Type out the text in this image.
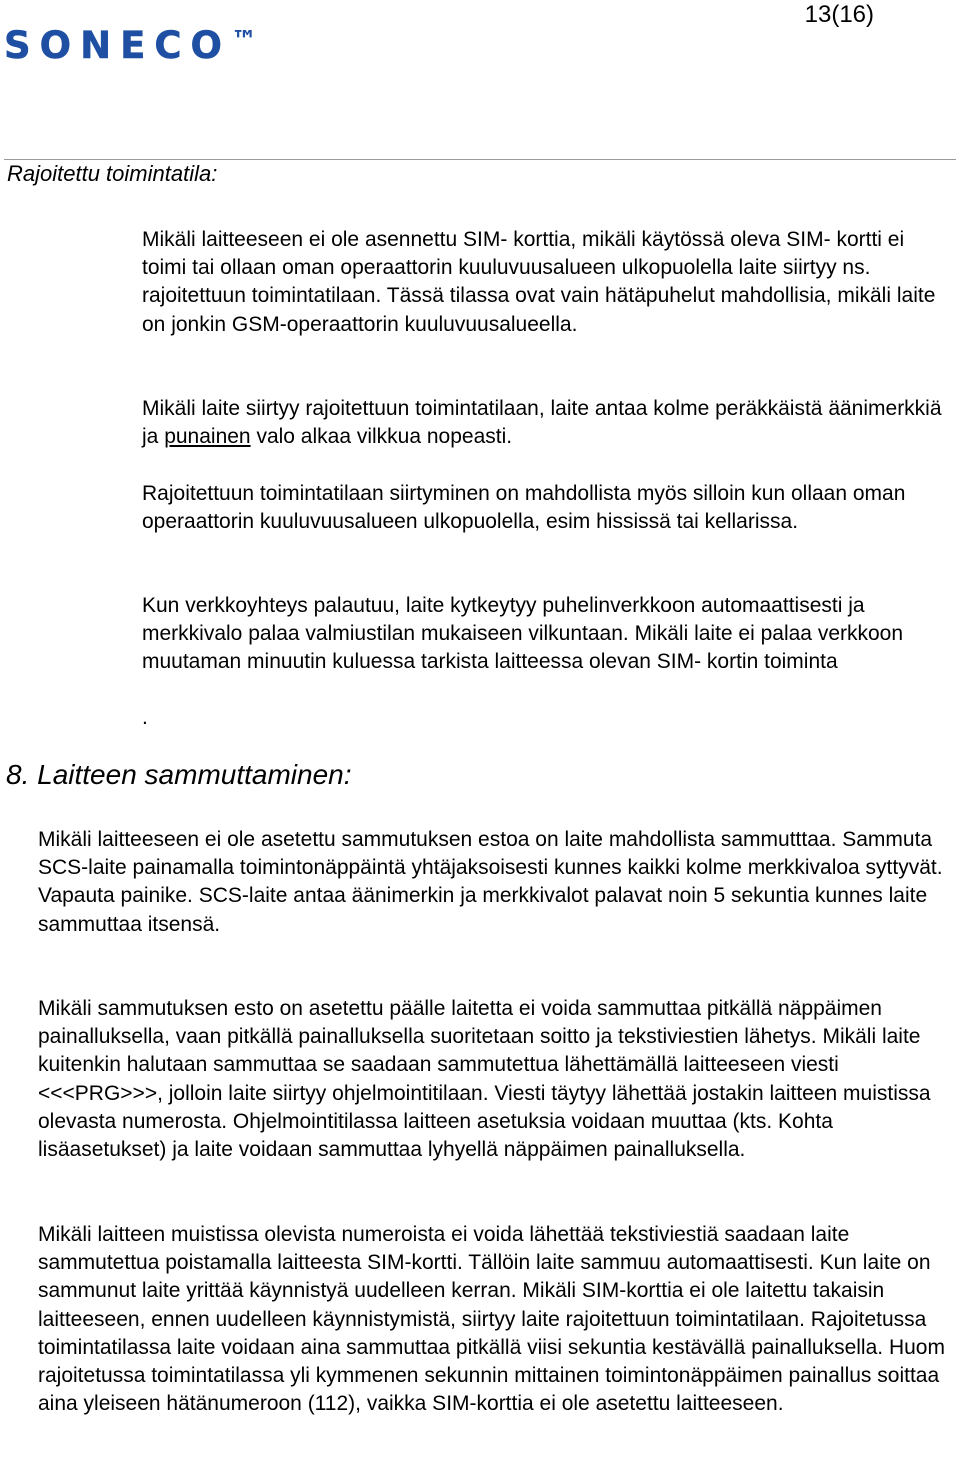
SONECO™
13(16)
Rajoitettu toimintatila:

Mikäli laitteeseen ei ole asennettu SIM- korttia, mikäli käytössä oleva SIM- kortti ei toimi tai ollaan oman operaattorin kuuluvuusalueen ulkopuolella laite siirtyy ns. rajoitettuun toimintatilaan. Tässä tilassa ovat vain hätäpuhelut mahdollisia, mikäli laite on jonkin GSM-operaattorin kuuluvuusalueella.

Mikäli laite siirtyy rajoitettuun toimintatilaan, laite antaa kolme peräkkäistä äänimerkkiä ja punainen valo alkaa vilkkua nopeasti.

Rajoitettuun toimintatilaan siirtyminen on mahdollista myös silloin kun ollaan oman operaattorin kuuluvuusalueen ulkopuolella, esim hississä tai kellarissa.

Kun verkkoyhteys palautuu, laite kytkeytyy puhelinverkkoon automaattisesti ja merkkivalo palaa valmiustilan mukaiseen vilkuntaan. Mikäli laite ei palaa verkkoon muutaman minuutin kuluessa tarkista laitteessa olevan SIM- kortin toiminta

.

8. Laitteen sammuttaminen:

Mikäli laitteeseen ei ole asetettu sammutuksen estoa on laite mahdollista sammutttaa. Sammuta SCS-laite painamalla toimintonäppäintä yhtäjaksoisesti kunnes kaikki kolme merkkivaloa syttyvät. Vapauta painike. SCS-laite antaa äänimerkin ja merkkivalot palavat noin 5 sekuntia kunnes laite sammuttaa itsensä.

Mikäli sammutuksen esto on asetettu päälle laitetta ei voida sammuttaa pitkällä näppäimen painalluksella, vaan pitkällä painalluksella suoritetaan soitto ja tekstiviestien lähetys. Mikäli laite kuitenkin halutaan sammuttaa se saadaan sammutettua lähettämällä laitteeseen viesti <<<PRG>>>, jolloin laite siirtyy ohjelmointitilaan. Viesti täytyy lähettää jostakin laitteen muistissa olevasta numerosta. Ohjelmointitilassa laitteen asetuksia voidaan muuttaa (kts. Kohta lisäasetukset) ja laite voidaan sammuttaa lyhyellä näppäimen painalluksella.

Mikäli laitteen muistissa olevista numeroista ei voida lähettää tekstiviestiä saadaan laite sammutettua poistamalla laitteesta SIM-kortti. Tällöin laite sammuu automaattisesti. Kun laite on sammunut laite yrittää käynnistyä uudelleen kerran. Mikäli SIM-korttia ei ole laitettu takaisin laitteeseen, ennen uudelleen käynnistymistä, siirtyy laite rajoitettuun toimintatilaan. Rajoitetussa toimintatilassa laite voidaan aina sammuttaa pitkällä viisi sekuntia kestävällä painalluksella. Huom rajoitetussa toimintatilassa yli kymmenen sekunnin mittainen toimintonäppäimen painallus soittaa aina yleiseen hätänumeroon (112), vaikka SIM-korttia ei ole asetettu laitteeseen.
